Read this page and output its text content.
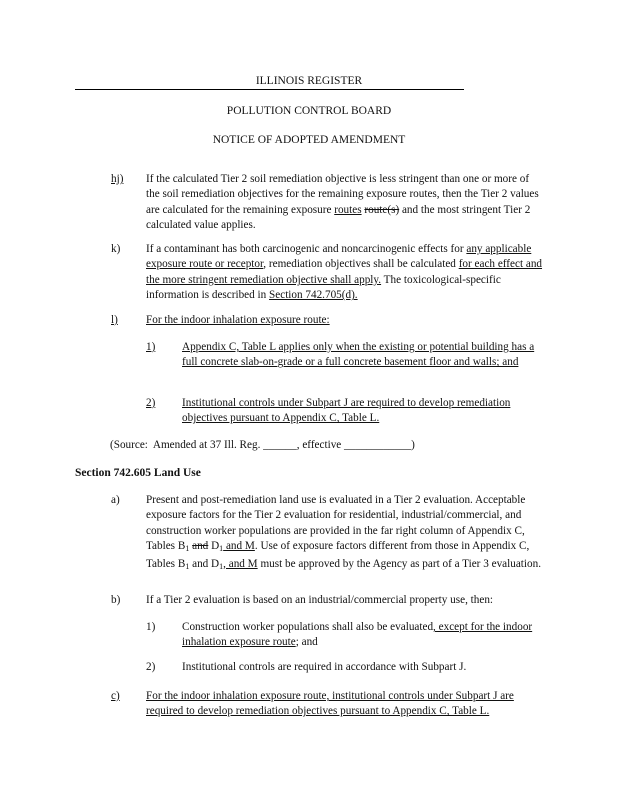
ILLINOIS REGISTER
POLLUTION CONTROL BOARD
NOTICE OF ADOPTED AMENDMENT
hj) If the calculated Tier 2 soil remediation objective is less stringent than one or more of the soil remediation objectives for the remaining exposure routes, then the Tier 2 values are calculated for the remaining exposure routes route(s) and the most stringent Tier 2 calculated value applies.
k) If a contaminant has both carcinogenic and noncarcinogenic effects for any applicable exposure route or receptor, remediation objectives shall be calculated for each effect and the more stringent remediation objective shall apply. The toxicological-specific information is described in Section 742.705(d).
l)	For the indoor inhalation exposure route:
1) Appendix C, Table L applies only when the existing or potential building has a full concrete slab-on-grade or a full concrete basement floor and walls; and
2) Institutional controls under Subpart J are required to develop remediation objectives pursuant to Appendix C, Table L.
(Source:  Amended at 37 Ill. Reg. ______, effective ____________)
Section 742.605 Land Use
a) Present and post-remediation land use is evaluated in a Tier 2 evaluation. Acceptable exposure factors for the Tier 2 evaluation for residential, industrial/commercial, and construction worker populations are provided in the far right column of Appendix C, Tables $B_1$ and $D_1$ and M. Use of exposure factors different from those in Appendix C, Tables $B_1$ and $D_1$, and M must be approved by the Agency as part of a Tier 3 evaluation.
b) If a Tier 2 evaluation is based on an industrial/commercial property use, then:
1) Construction worker populations shall also be evaluated, except for the indoor inhalation exposure route; and
2) Institutional controls are required in accordance with Subpart J.
c) For the indoor inhalation exposure route, institutional controls under Subpart J are required to develop remediation objectives pursuant to Appendix C, Table L.
